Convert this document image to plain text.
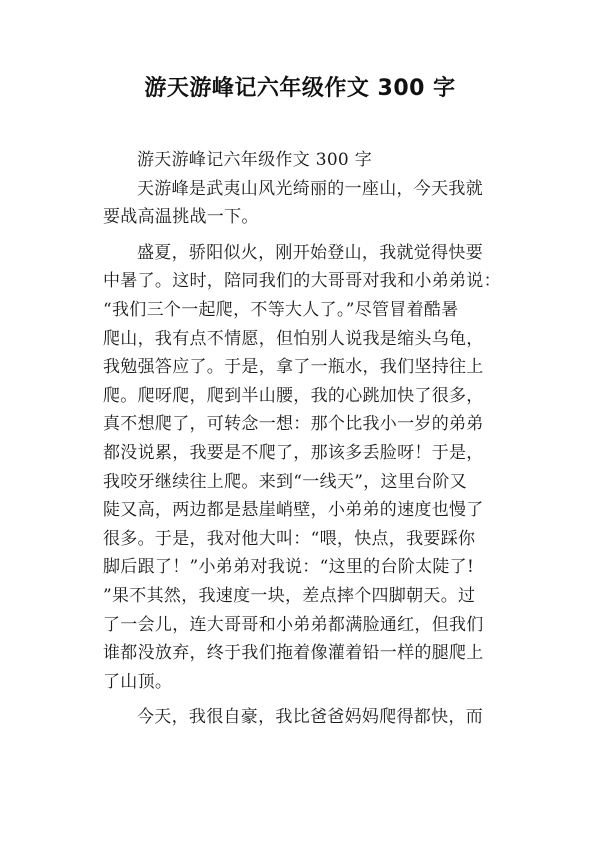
游天游峰记六年级作文 300 字
游天游峰记六年级作文 300 字
天游峰是武夷山风光绮丽的一座山，今天我就
要战高温挑战一下。
盛夏，骄阳似火，刚开始登山，我就觉得快要
中暑了。这时，陪同我们的大哥哥对我和小弟弟说：
“我们三个一起爬，不等大人了。”尽管冒着酷暑
爬山，我有点不情愿，但怕别人说我是缩头乌龟，
我勉强答应了。于是，拿了一瓶水，我们坚持往上
爬。爬呀爬，爬到半山腰，我的心跳加快了很多，
真不想爬了，可转念一想：那个比我小一岁的弟弟
都没说累，我要是不爬了，那该多丢脸呀！于是，
我咬牙继续往上爬。来到“一线天”，这里台阶又
陡又高，两边都是悬崖峭壁，小弟弟的速度也慢了
很多。于是，我对他大叫：“喂，快点，我要踩你
脚后跟了！”小弟弟对我说：“这里的台阶太陡了!
”果不其然，我速度一块，差点摔个四脚朝天。过
了一会儿，连大哥哥和小弟弟都满脸通红，但我们
谁都没放弃，终于我们拖着像灌着铅一样的腿爬上
了山顶。
今天，我很自豪，我比爸爸妈妈爬得都快，而
